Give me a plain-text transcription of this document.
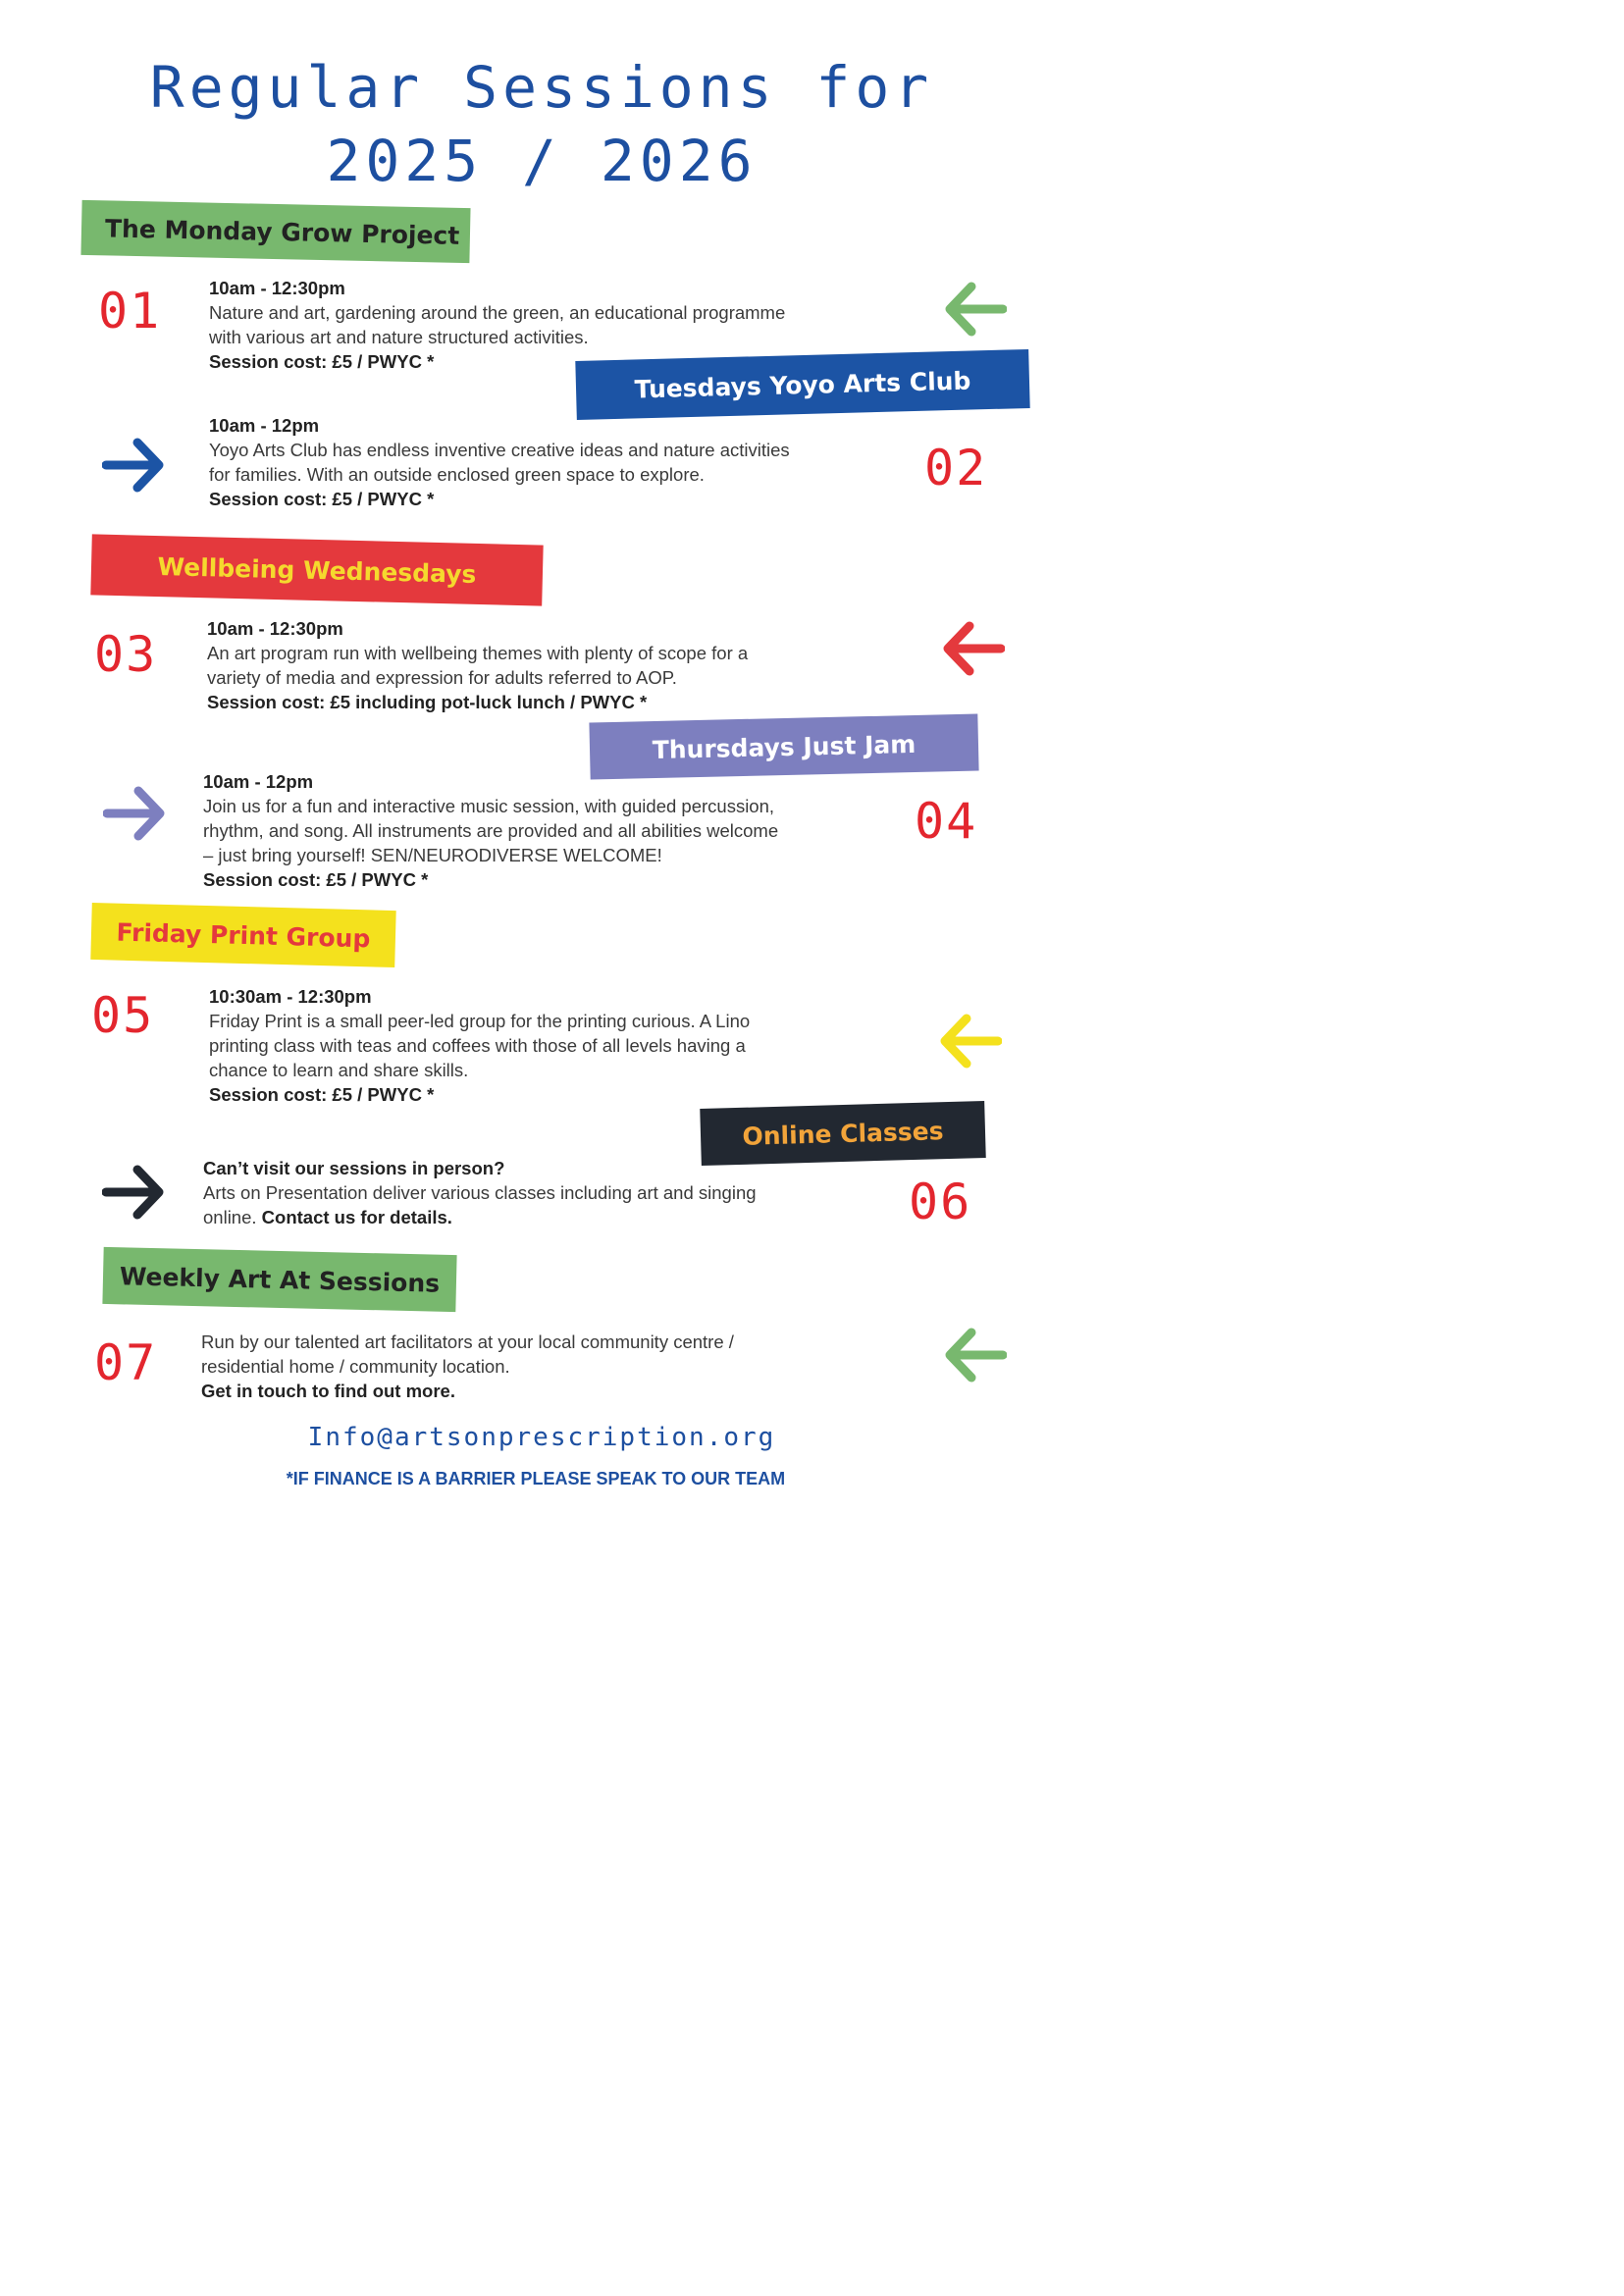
Regular Sessions for
2025 / 2026
The Monday Grow Project
01	10am - 12:30pm
Nature and art, gardening around the green, an educational programme
with various art and nature structured activities.
Session cost: £5 / PWYC *
Tuesdays Yoyo Arts Club
10am - 12pm
Yoyo Arts Club has endless inventive creative ideas and nature activities
for families. With an outside enclosed green space to explore.
Session cost: £5 / PWYC *
02
Wellbeing Wednesdays
03	10am - 12:30pm
An art program run with wellbeing themes with plenty of scope for a
variety of media and expression for adults referred to AOP.
Session cost: £5 including pot-luck lunch / PWYC *
Thursdays Just Jam
10am - 12pm
Join us for a fun and interactive music session, with guided percussion,
rhythm, and song. All instruments are provided and all abilities welcome
– just bring yourself! SEN/NEURODIVERSE WELCOME!
Session cost: £5 / PWYC *
04
Friday Print Group
05	10:30am - 12:30pm
Friday Print is a small peer-led group for the printing curious. A Lino
printing class with teas and coffees with those of all levels having a
chance to learn and share skills.
Session cost: £5 / PWYC *
Online Classes
Can’t visit our sessions in person?
Arts on Presentation deliver various classes including art and singing
online. Contact us for details.	06
Weekly Art At Sessions
07 Run by our talented art facilitators at your local community centre /
residential home / community location.
Get in touch to find out more.
Info@artsonprescription.org
*IF FINANCE IS A BARRIER PLEASE SPEAK TO OUR TEAM
